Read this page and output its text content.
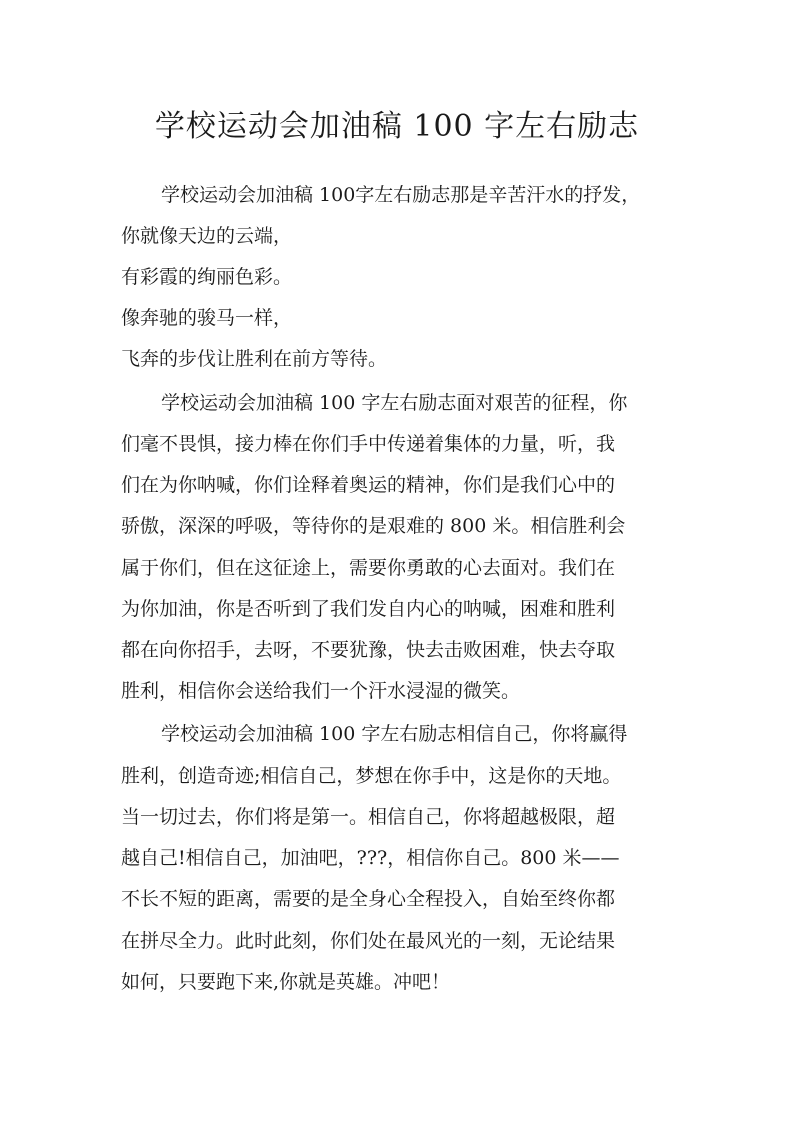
学校运动会加油稿 100 字左右励志

学校运动会加油稿 100字左右励志那是辛苦汗水的抒发，

你就像天边的云端，

有彩霞的绚丽色彩。

像奔驰的骏马一样，

飞奔的步伐让胜利在前方等待。

学校运动会加油稿 100 字左右励志面对艰苦的征程，你

们毫不畏惧，接力棒在你们手中传递着集体的力量，听，我

们在为你呐喊，你们诠释着奥运的精神，你们是我们心中的

骄傲，深深的呼吸，等待你的是艰难的 800 米。相信胜利会

属于你们，但在这征途上，需要你勇敢的心去面对。我们在

为你加油，你是否听到了我们发自内心的呐喊，困难和胜利

都在向你招手，去呀，不要犹豫，快去击败困难，快去夺取

胜利，相信你会送给我们一个汗水浸湿的微笑。

学校运动会加油稿 100 字左右励志相信自己，你将赢得

胜利，创造奇迹;相信自己，梦想在你手中，这是你的天地。

当一切过去，你们将是第一。相信自己，你将超越极限，超

越自己!相信自己，加油吧，???，相信你自己。800 米——

不长不短的距离，需要的是全身心全程投入，自始至终你都

在拼尽全力。此时此刻，你们处在最风光的一刻，无论结果

如何，只要跑下来,你就是英雄。冲吧！
